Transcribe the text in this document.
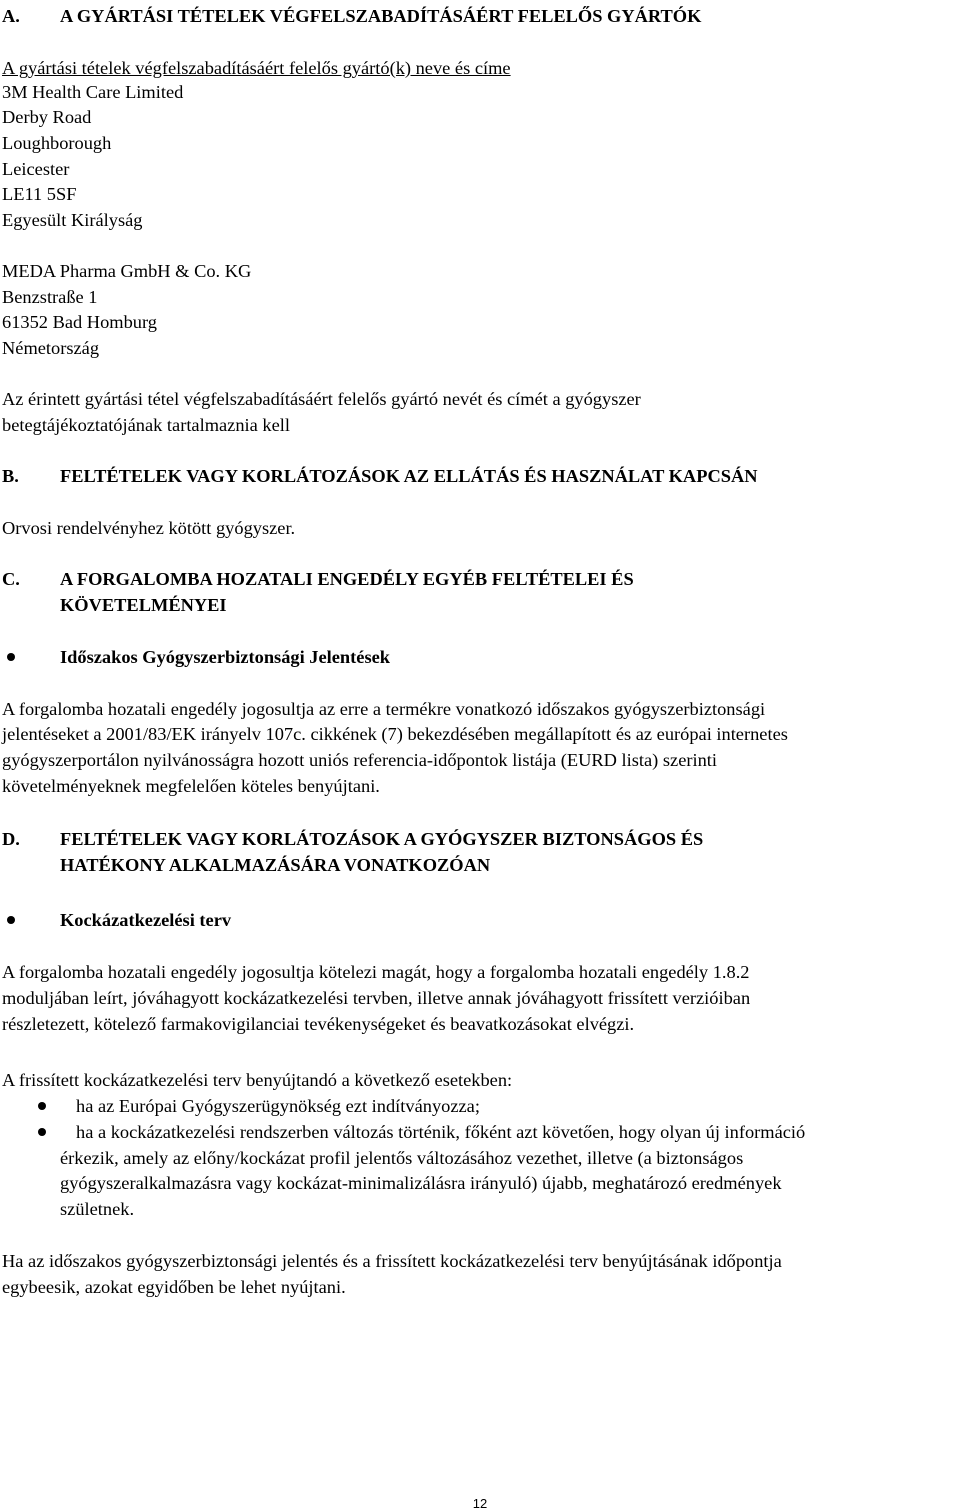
A. A GYÁRTÁSI TÉTELEK VÉGFELSZABADÍTÁSÁÉRT FELELŐS GYÁRTÓK
A gyártási tételek végfelszabadításáért felelős gyártó(k) neve és címe
3M Health Care Limited
Derby Road
Loughborough
Leicester
LE11 5SF
Egyesült Királyság
MEDA Pharma GmbH & Co. KG
Benzstraße 1
61352 Bad Homburg
Németország
Az érintett gyártási tétel végfelszabadításáért felelős gyártó nevét és címét a gyógyszer
betegtájékoztatójának tartalmaznia kell
B. FELTÉTELEK VAGY KORLÁTOZÁSOK AZ ELLÁTÁS ÉS HASZNÁLAT KAPCSÁN
Orvosi rendelvényhez kötött gyógyszer.
C. A FORGALOMBA HOZATALI ENGEDÉLY EGYÉB FELTÉTELEI ÉS
KÖVETELMÉNYEI
Időszakos Gyógyszerbiztonsági Jelentések
A forgalomba hozatali engedély jogosultja az erre a termékre vonatkozó időszakos gyógyszerbiztonsági
jelentéseket a 2001/83/EK irányelv 107c. cikkének (7) bekezdésében megállapított és az európai internetes
gyógyszerportálon nyilvánosságra hozott uniós referencia-időpontok listája (EURD lista) szerinti
követelményeknek megfelelően köteles benyújtani.
D. FELTÉTELEK VAGY KORLÁTOZÁSOK A GYÓGYSZER BIZTONSÁGOS ÉS
HATÉKONY ALKALMAZÁSÁRA VONATKOZÓAN
Kockázatkezelési terv
A forgalomba hozatali engedély jogosultja kötelezi magát, hogy a forgalomba hozatali engedély 1.8.2
moduljában leírt, jóváhagyott kockázatkezelési tervben, illetve annak jóváhagyott frissített verzióiban
részletezett, kötelező farmakovigilanciai tevékenységeket és beavatkozásokat elvégzi.
A frissített kockázatkezelési terv benyújtandó a következő esetekben:
ha az Európai Gyógyszerügynökség ezt indítványozza;
ha a kockázatkezelési rendszerben változás történik, főként azt követően, hogy olyan új információ
érkezik, amely az előny/kockázat profil jelentős változásához vezethet, illetve (a biztonságos
gyógyszeralkalmazásra vagy kockázat-minimalizálásra irányuló) újabb, meghatározó eredmények
születnek.
Ha az időszakos gyógyszerbiztonsági jelentés és a frissített kockázatkezelési terv benyújtásának időpontja
egybeesik, azokat egyidőben be lehet nyújtani.
12
